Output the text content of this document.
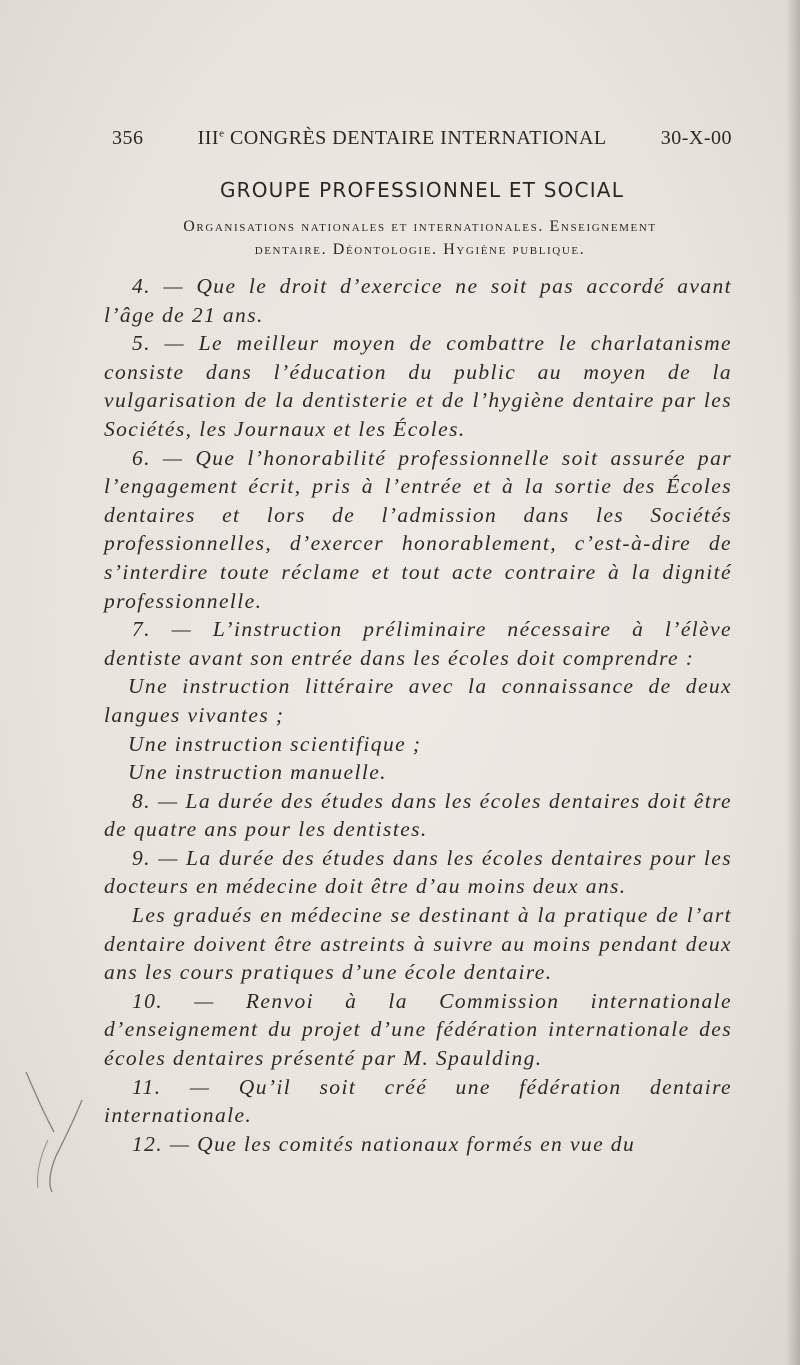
356	IIIe CONGRÈS DENTAIRE INTERNATIONAL	30-X-00
GROUPE PROFESSIONNEL ET SOCIAL
Organisations nationales et internationales. Enseignement
dentaire. Déontologie. Hygiène publique.

4. — Que le droit d’exercice ne soit pas accordé avant l’âge de 21 ans.

5. — Le meilleur moyen de combattre le charlatanisme consiste dans l’éducation du public au moyen de la vulgarisation de la dentisterie et de l’hygiène dentaire par les Sociétés, les Journaux et les Écoles.

6. — Que l’honorabilité professionnelle soit assurée par l’engagement écrit, pris à l’entrée et à la sortie des Écoles dentaires et lors de l’admission dans les Sociétés professionnelles, d’exercer honorablement, c’est-à-dire de s’interdire toute réclame et tout acte contraire à la dignité professionnelle.

7. — L’instruction préliminaire nécessaire à l’élève dentiste avant son entrée dans les écoles doit comprendre :

Une instruction littéraire avec la connaissance de deux langues vivantes ;

Une instruction scientifique ;

Une instruction manuelle.

8. — La durée des études dans les écoles dentaires doit être de quatre ans pour les dentistes.

9. — La durée des études dans les écoles dentaires pour les docteurs en médecine doit être d’au moins deux ans.

Les gradués en médecine se destinant à la pratique de l’art dentaire doivent être astreints à suivre au moins pendant deux ans les cours pratiques d’une école dentaire.

10. — Renvoi à la Commission internationale d’enseignement du projet d’une fédération internationale des écoles dentaires présenté par M. Spaulding.

11. — Qu’il soit créé une fédération dentaire internationale.

12. — Que les comités nationaux formés en vue du
